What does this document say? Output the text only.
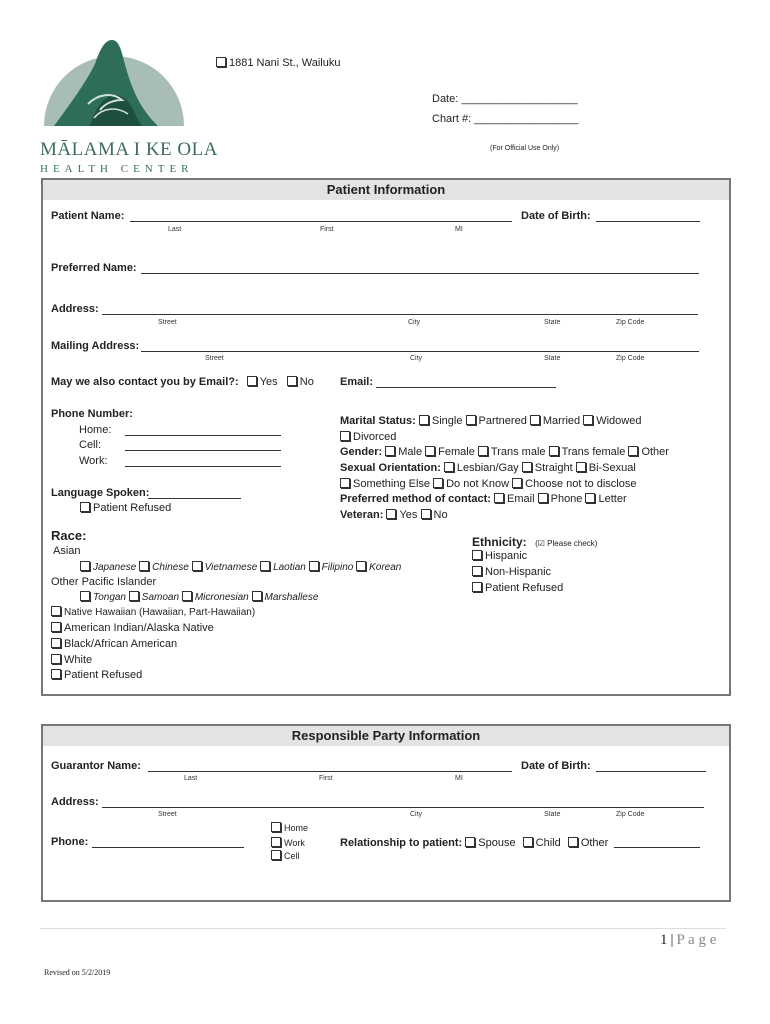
MĀLAMA I KE OLA
HEALTH CENTER
1881 Nani St., Wailuku
Date: ___________________
Chart #: _________________
(For Official Use Only)
Patient Information
Patient Name:	Date of Birth:
Last	First	MI
Preferred Name:
Address:
Street	City	State	Zip Code
Mailing Address:
Street	City	State	Zip Code
May we also contact you by Email?: Yes No Email:
Phone Number:
Home:
Cell:
Work:
Language Spoken:
Patient Refused
Marital Status: Single Partnered Married Widowed
Divorced
Gender: Male Female Trans male Trans female Other
Sexual Orientation: Lesbian/Gay Straight Bi-Sexual
Something Else Do not Know Choose not to disclose
Preferred method of contact: Email Phone Letter
Veteran: Yes No
Race:
Asian
Japanese Chinese Vietnamese Laotian Filipino Korean
Other Pacific Islander
Tongan Samoan Micronesian Marshallese
Native Hawaiian (Hawaiian, Part-Hawaiian)
American Indian/Alaska Native
Black/African American
White
Patient Refused
Ethnicity: (☑ Please check)
Hispanic
Non-Hispanic
Patient Refused
Responsible Party Information
Guarantor Name:	Date of Birth:
Last	First	MI
Address:
Street	City	State	Zip Code
Phone:
Home
Work
Cell
Relationship to patient: Spouse Child Other
1 | P a g e
Revised on 5/2/2019
